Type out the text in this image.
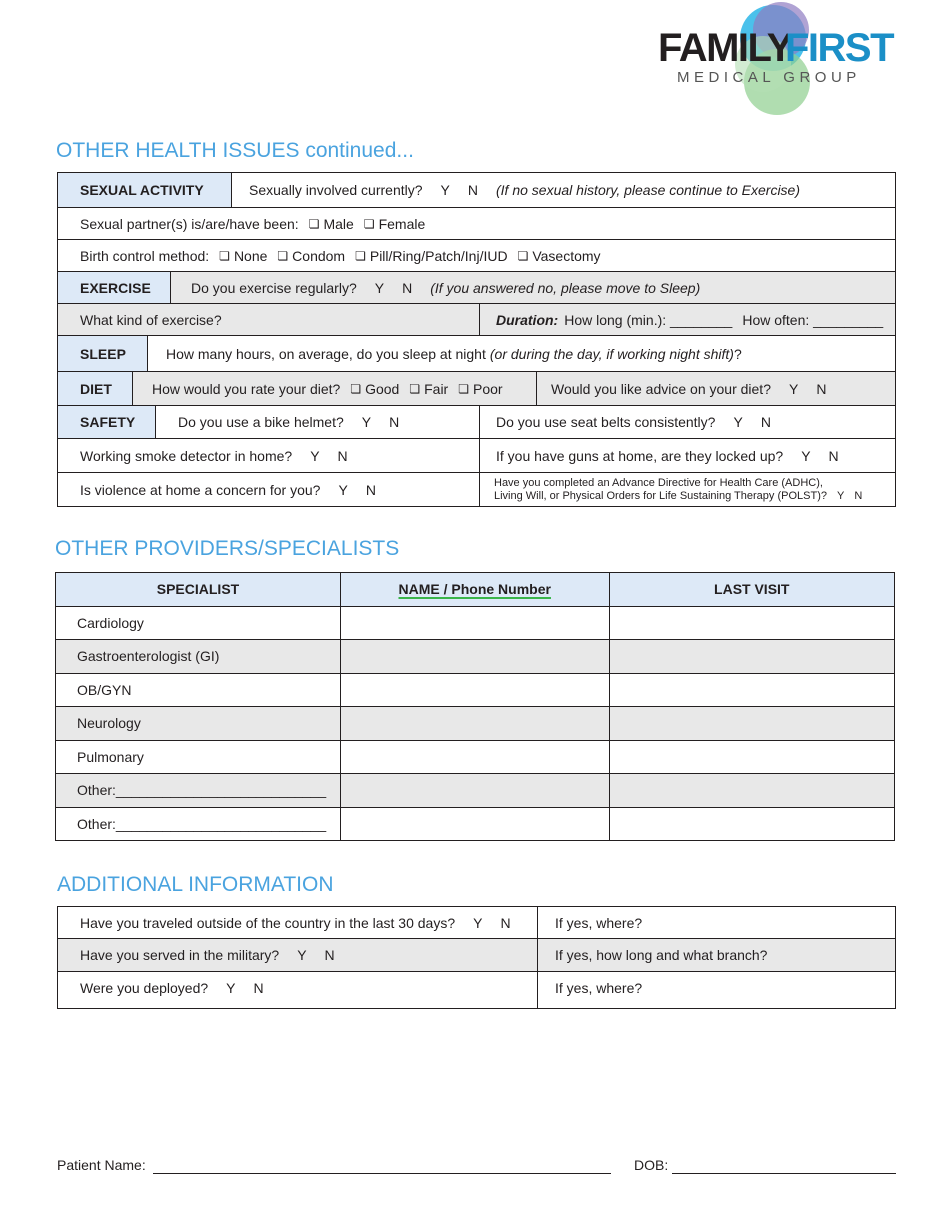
FAMILY
FIRST
MEDICAL GROUP
OTHER HEALTH ISSUES continued...
SEXUAL ACTIVITY	Sexually involved currently? Y N (If no sexual history, please continue to Exercise)
Sexual partner(s) is/are/have been: ❏ Male ❏ Female
Birth control method: ❏ None ❏ Condom ❏ Pill/Ring/Patch/Inj/IUD ❏ Vasectomy
EXERCISE	Do you exercise regularly? Y N (If you answered no, please move to Sleep)
What kind of exercise?	Duration: How long (min.): ________ How often: _________
SLEEP	How many hours, on average, do you sleep at night (or during the day, if working night shift) ?
DIET	How would you rate your diet? ❏ Good ❏ Fair ❏ Poor	Would you like advice on your diet? Y N
SAFETY	Do you use a bike helmet? Y N	Do you use seat belts consistently? Y N
Working smoke detector in home? Y N	If you have guns at home, are they locked up? Y N
Is violence at home a concern for you? Y N	Have you completed an Advance Directive for Health Care (ADHC),
Living Will, or Physical Orders for Life Sustaining Therapy (POLST)? Y N
OTHER PROVIDERS/SPECIALISTS
SPECIALIST	NAME / Phone Number	LAST VISIT
Cardiology		
Gastroenterologist (GI)		
OB/GYN		
Neurology		
Pulmonary		
Other:___________________________		
Other:___________________________		
ADDITIONAL INFORMATION
Have you traveled outside of the country in the last 30 days? Y N	If yes, where?
Have you served in the military? Y N	If yes, how long and what branch?
Were you deployed? Y N	If yes, where?
Patient Name:	DOB:
